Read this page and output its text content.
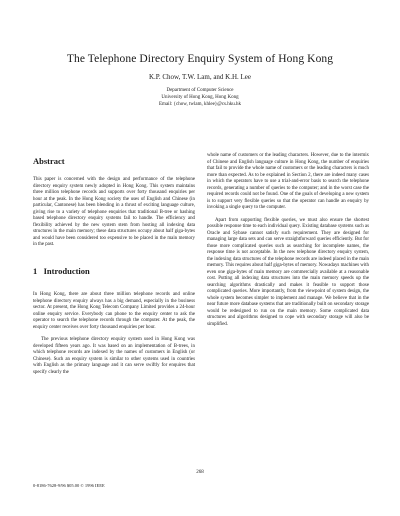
The Telephone Directory Enquiry System of Hong Kong
K.P. Chow, T.W. Lam, and K.H. Lee
Department of Computer Science
University of Hong Kong, Hong Kong
Email: {chow, twlam, khlee}@cs.hku.hk
Abstract

This paper is concerned with the design and performance of the telephone directory enquiry system newly adopted in Hong Kong. This system maintains three million telephone records and supports over forty thousand enquiries per hour at the peak. In the Hong Kong society the uses of English and Chinese (in particular, Cantonese) has been blending in a thrust of exciting language culture, giving rise to a variety of telephone enquiries that traditional B-tree or hashing based telephone directory enquiry systems fail to handle. The efficiency and flexibility achieved by the new system stem from hosting all indexing data structures in the main memory; these data structures occupy about half giga-bytes and would have been considered too expensive to be placed in the main memory in the past.

1 Introduction

In Hong Kong, there are about three million telephone records and online telephone directory enquiry always has a big demand, especially in the business sector. At present, the Hong Kong Telecom Company Limited provides a 24-hour online enquiry service. Everybody can phone to the enquiry center to ask the operator to search the telephone records through the computer. At the peak, the enquiry center receives over forty thousand enquiries per hour.

The previous telephone directory enquiry system used in Hong Kong was developed fifteen years ago. It was based on an implementation of B-trees, in which telephone records are indexed by the names of customers in English (or Chinese). Such an enquiry system is similar to other systems used in countries with English as the primary language and it can serve swiftly for enquires that specify clearly the

whole name of customers or the leading characters. However, due to the intermix of Chinese and English language culture in Hong Kong, the number of enquiries that fail to provide the whole name of customers or the leading characters is much more than expected. As to be explained in Section 2, there are indeed many cases in which the operators have to use a trial-and-error basis to search the telephone records, generating a number of queries to the computer; and in the worst case the required records could not be found. One of the goals of developing a new system is to support very flexible queries so that the operator can handle an enquiry by invoking a single query to the computer.

Apart from supporting flexible queries, we must also ensure the shortest possible response time to each individual query. Existing database systems such as Oracle and Sybase cannot satisfy such requirement. They are designed for managing large data sets and can serve straightforward queries efficiently. But for those more complicated queries such as searching for incomplete names, the response time is not acceptable. In the new telephone directory enquiry system, the indexing data structures of the telephone records are indeed placed in the main memory. This requires about half giga-bytes of memory. Nowadays machines with even one giga-bytes of main memory are commercially available at a reasonable cost. Putting all indexing data structures into the main memory speeds up the searching algorithms drastically and makes it feasible to support those complicated queries. More importantly, from the viewpoint of system design, the whole system becomes simpler to implement and manage. We believe that in the near future more database systems that are traditionally built on secondary storage would be redesigned to run on the main memory. Some complicated data structures and algorithms designed to cope with secondary storage will also be simplified.

268
0-8186-7628-9/96 $05.00 © 1996 IEEE
